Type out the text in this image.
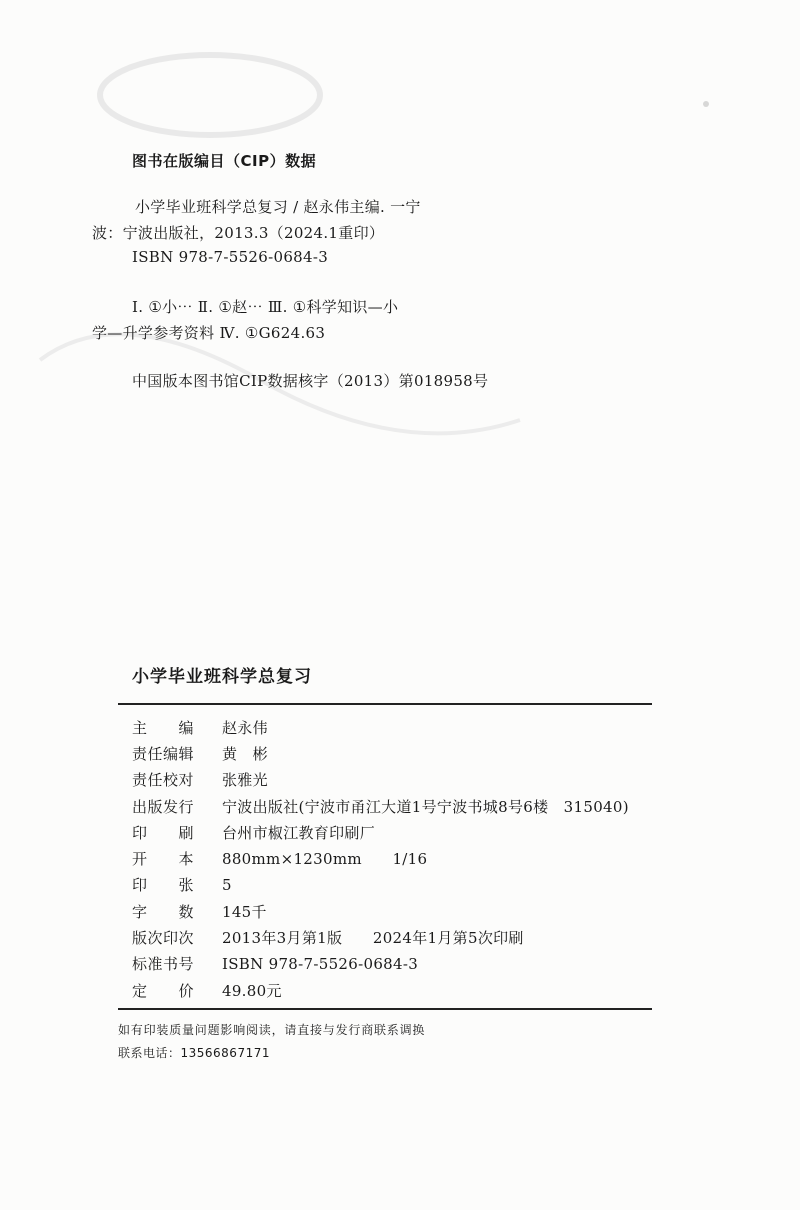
图书在版编目（CIP）数据
小学毕业班科学总复习 / 赵永伟主编. 一宁
波：宁波出版社，2013.3（2024.1重印）
ISBN 978-7-5526-0684-3
Ⅰ. ①小⋯ Ⅱ. ①赵⋯ Ⅲ. ①科学知识—小
学—升学参考资料 Ⅳ. ①G624.63
中国版本图书馆CIP数据核字（2013）第018958号
小学毕业班科学总复习
主　　编	赵永伟
责任编辑	黄　彬
责任校对	张雅光
出版发行	宁波出版社(宁波市甬江大道1号宁波书城8号6楼　315040)
印　　刷	台州市椒江教育印刷厂
开　　本	880mm×1230mm　　1/16
印　　张	5
字　　数	145千
版次印次	2013年3月第1版　　2024年1月第5次印刷
标准书号	ISBN 978-7-5526-0684-3
定　　价	49.80元
如有印装质量问题影响阅读，请直接与发行商联系调换
联系电话：13566867171
